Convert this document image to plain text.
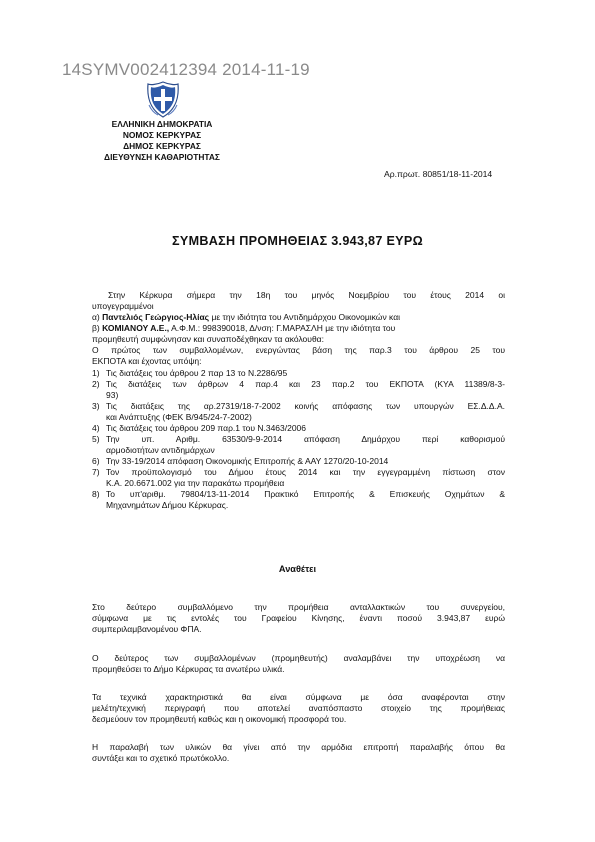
14SYMV002412394 2014-11-19
ΕΛΛΗΝΙΚΗ ΔΗΜΟΚΡΑΤΙΑ
ΝΟΜΟΣ ΚΕΡΚΥΡΑΣ
ΔΗΜΟΣ ΚΕΡΚΥΡΑΣ
ΔΙΕΥΘΥΝΣΗ ΚΑΘΑΡΙΟΤΗΤΑΣ
Αρ.πρωτ. 80851/18-11-2014
ΣΥΜΒΑΣΗ ΠΡΟΜΗΘΕΙΑΣ 3.943,87 ΕΥΡΩ
Στην Κέρκυρα σήμερα την 18η του μηνός Νοεμβρίου του έτους 2014 οι
υπογεγραμμένοι
α) Παντελιός Γεώργιος-Ηλίας με την ιδιότητα του Αντιδημάρχου Οικονομικών και
β) ΚΟΜΙΑΝΟΥ Α.Ε., Α.Φ.Μ.: 998390018, Δ/νση: Γ.ΜΑΡΑΣΛΗ με την ιδιότητα του
προμηθευτή συμφώνησαν και συναποδέχθηκαν τα ακόλουθα:
Ο πρώτος των συμβαλλομένων, ενεργώντας βάση της παρ.3 του άρθρου 25 του
ΕΚΠΟΤΑ και έχοντας υπόψη:
1) Τις διατάξεις του άρθρου 2 παρ 13 το Ν.2286/95
2) Τις διατάξεις των άρθρων 4 παρ.4 και 23 παρ.2 του ΕΚΠΟΤΑ (ΚΥΑ 11389/8-3-
93)
3) Τις διατάξεις της αρ.27319/18-7-2002 κοινής απόφασης των υπουργών ΕΣ.Δ.Δ.Α.
και Ανάπτυξης (ΦΕΚ Β/945/24-7-2002)
4) Τις διατάξεις του άρθρου 209 παρ.1 του Ν.3463/2006
5) Την υπ. Αριθμ. 63530/9-9-2014 απόφαση Δημάρχου περί καθορισμού
αρμοδιοτήτων αντιδημάρχων
6) Την 33-19/2014 απόφαση Οικονομικής Επιτροπής & ΑΑΥ 1270/20-10-2014
7) Τον προϋπολογισμό του Δήμου έτους 2014 και την εγγεγραμμένη πίστωση στον
Κ.Α. 20.6671.002 για την παρακάτω προμήθεια
8) Το υπ'αριθμ. 79804/13-11-2014 Πρακτικό Επιτροπής & Επισκευής Οχημάτων &
Μηχανημάτων Δήμου Κέρκυρας.
Αναθέτει
Στο δεύτερο συμβαλλόμενο την προμήθεια ανταλλακτικών του συνεργείου,
σύμφωνα με τις εντολές του Γραφείου Κίνησης, έναντι ποσού 3.943,87 ευρώ
συμπεριλαμβανομένου ΦΠΑ.
Ο δεύτερος των συμβαλλομένων (προμηθευτής) αναλαμβάνει την υποχρέωση να
προμηθεύσει το Δήμο Κέρκυρας τα ανωτέρω υλικά.
Τα τεχνικά χαρακτηριστικά θα είναι σύμφωνα με όσα αναφέρονται στην
μελέτη/τεχνική περιγραφή που αποτελεί αναπόσπαστο στοιχείο της προμήθειας
δεσμεύουν τον προμηθευτή καθώς και η οικονομική προσφορά του.
Η παραλαβή των υλικών θα γίνει από την αρμόδια επιτροπή παραλαβής όπου θα
συντάξει και το σχετικό πρωτόκολλο.
